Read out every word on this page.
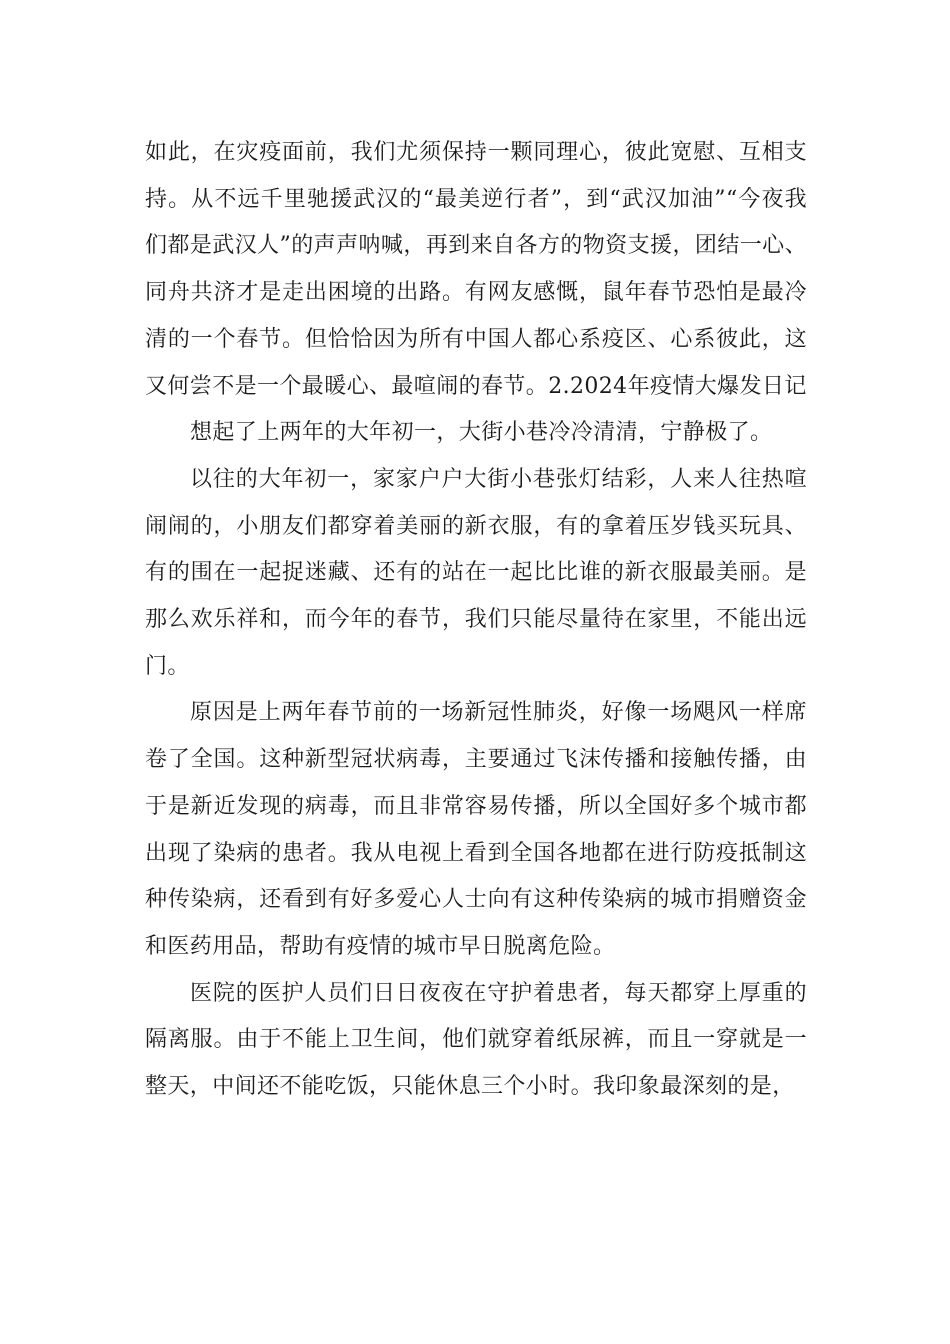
如此，在灾疫面前，我们尤须保持一颗同理心，彼此宽慰、互相支持。从不远千里驰援武汉的“最美逆行者”，到“武汉加油”“今夜我们都是武汉人”的声声呐喊，再到来自各方的物资支援，团结一心、同舟共济才是走出困境的出路。有网友感慨，鼠年春节恐怕是最冷清的一个春节。但恰恰因为所有中国人都心系疫区、心系彼此，这又何尝不是一个最暖心、最喧闹的春节。2.2024年疫情大爆发日记

想起了上两年的大年初一，大街小巷冷冷清清，宁静极了。

以往的大年初一，家家户户大街小巷张灯结彩，人来人往热喧闹闹的，小朋友们都穿着美丽的新衣服，有的拿着压岁钱买玩具、有的围在一起捉迷藏、还有的站在一起比比谁的新衣服最美丽。是那么欢乐祥和，而今年的春节，我们只能尽量待在家里，不能出远门。

原因是上两年春节前的一场新冠性肺炎，好像一场飓风一样席卷了全国。这种新型冠状病毒，主要通过飞沫传播和接触传播，由于是新近发现的病毒，而且非常容易传播，所以全国好多个城市都出现了染病的患者。我从电视上看到全国各地都在进行防疫抵制这种传染病，还看到有好多爱心人士向有这种传染病的城市捐赠资金和医药用品，帮助有疫情的城市早日脱离危险。

医院的医护人员们日日夜夜在守护着患者，每天都穿上厚重的隔离服。由于不能上卫生间，他们就穿着纸尿裤，而且一穿就是一整天，中间还不能吃饭，只能休息三个小时。我印象最深刻的是，
